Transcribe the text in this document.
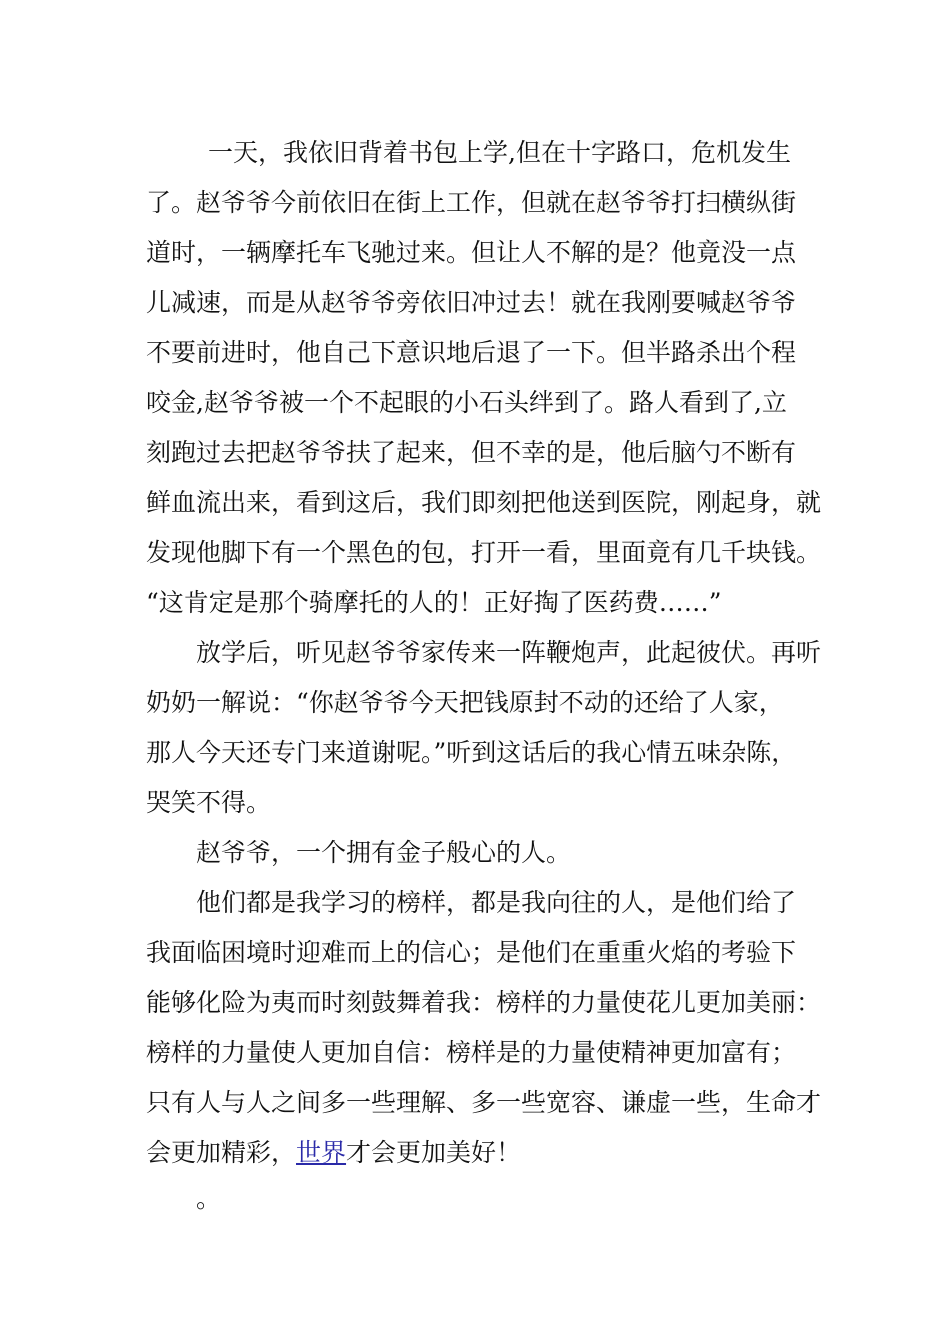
一天，我依旧背着书包上学,但在十字路口，危机发生
了。赵爷爷今前依旧在街上工作，但就在赵爷爷打扫横纵街
道时，一辆摩托车飞驰过来。但让人不解的是？他竟没一点
儿减速，而是从赵爷爷旁依旧冲过去！就在我刚要喊赵爷爷
不要前进时，他自己下意识地后退了一下。但半路杀出个程
咬金,赵爷爷被一个不起眼的小石头绊到了。路人看到了,立
刻跑过去把赵爷爷扶了起来，但不幸的是，他后脑勺不断有
鲜血流出来，看到这后，我们即刻把他送到医院，刚起身，就
发现他脚下有一个黑色的包，打开一看，里面竟有几千块钱。
“这肯定是那个骑摩托的人的！正好掏了医药费……”
放学后，听见赵爷爷家传来一阵鞭炮声，此起彼伏。再听
奶奶一解说：“你赵爷爷今天把钱原封不动的还给了人家，
那人今天还专门来道谢呢。”听到这话后的我心情五味杂陈，
哭笑不得。
赵爷爷，一个拥有金子般心的人。
他们都是我学习的榜样，都是我向往的人，是他们给了
我面临困境时迎难而上的信心；是他们在重重火焰的考验下
能够化险为夷而时刻鼓舞着我：榜样的力量使花儿更加美丽：
榜样的力量使人更加自信：榜样是的力量使精神更加富有；
只有人与人之间多一些理解、多一些宽容、谦虚一些，生命才
会更加精彩，世界才会更加美好！
。
